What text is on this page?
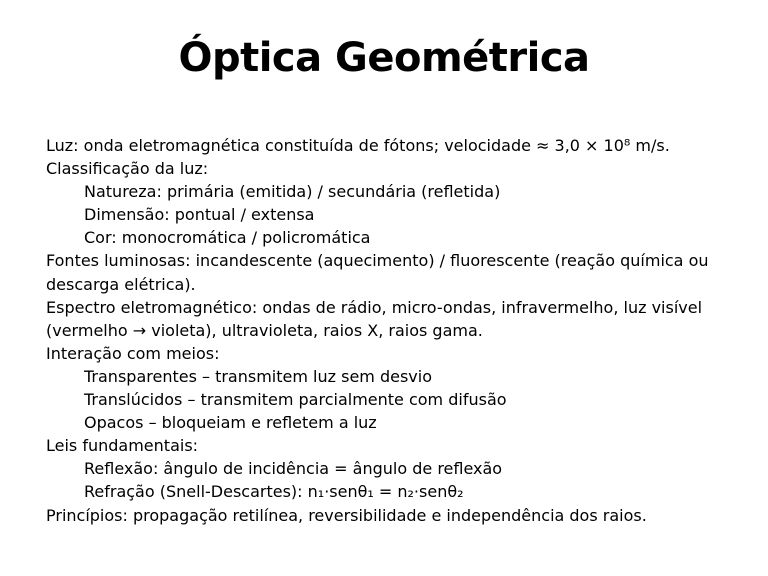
Óptica Geométrica

Luz: onda eletromagnética constituída de fótons; velocidade ≈ 3,0 × 10⁸ m/s.

Classificação da luz:

Natureza: primária (emitida) / secundária (refletida)

Dimensão: pontual / extensa

Cor: monocromática / policromática

Fontes luminosas: incandescente (aquecimento) / fluorescente (reação química ou

descarga elétrica).

Espectro eletromagnético: ondas de rádio, micro-ondas, infravermelho, luz visível

(vermelho → violeta), ultravioleta, raios X, raios gama.

Interação com meios:

Transparentes – transmitem luz sem desvio

Translúcidos – transmitem parcialmente com difusão

Opacos – bloqueiam e refletem a luz

Leis fundamentais:

Reflexão: ângulo de incidência = ângulo de reflexão

Refração (Snell-Descartes): n₁·senθ₁ = n₂·senθ₂

Princípios: propagação retilínea, reversibilidade e independência dos raios.
